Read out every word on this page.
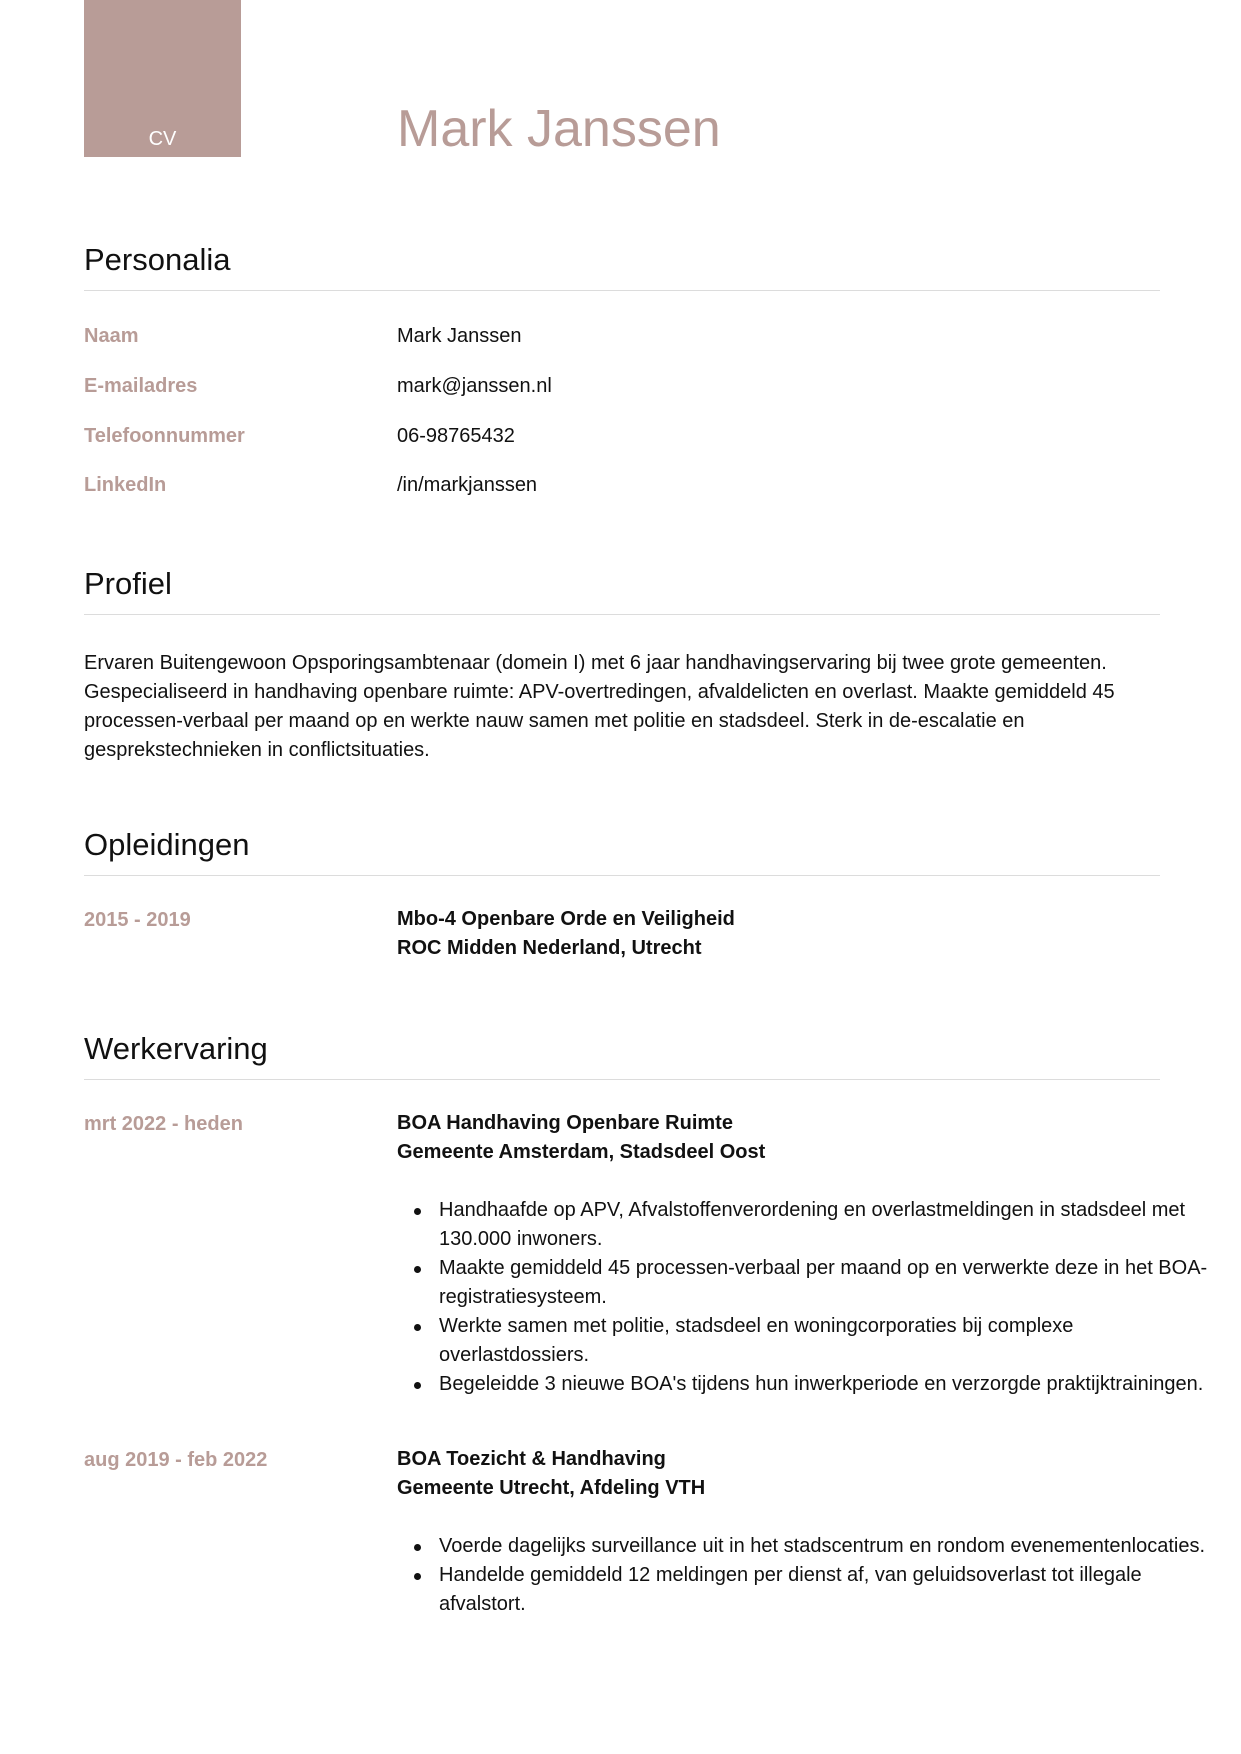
CV	Mark Janssen
Personalia
Naam	Mark Janssen
E-mailadres	mark@janssen.nl
Telefoonnummer	06-98765432
LinkedIn	/in/markjanssen
Profiel
Ervaren Buitengewoon Opsporingsambtenaar (domein I) met 6 jaar handhavingservaring bij twee grote gemeenten. Gespecialiseerd in handhaving openbare ruimte: APV-overtredingen, afvaldelicten en overlast. Maakte gemiddeld 45 processen-verbaal per maand op en werkte nauw samen met politie en stadsdeel. Sterk in de-escalatie en gesprekstechnieken in conflictsituaties.
Opleidingen
2015 - 2019	Mbo-4 Openbare Orde en Veiligheid
ROC Midden Nederland, Utrecht
Werkervaring
mrt 2022 - heden	BOA Handhaving Openbare Ruimte
Gemeente Amsterdam, Stadsdeel Oost
Handhaafde op APV, Afvalstoffenverordening en overlastmeldingen in stadsdeel met 130.000 inwoners.
Maakte gemiddeld 45 processen-verbaal per maand op en verwerkte deze in het BOA-registratiesysteem.
Werkte samen met politie, stadsdeel en woningcorporaties bij complexe overlastdossiers.
Begeleidde 3 nieuwe BOA's tijdens hun inwerkperiode en verzorgde praktijktrainingen.
aug 2019 - feb 2022	BOA Toezicht & Handhaving
Gemeente Utrecht, Afdeling VTH
Voerde dagelijks surveillance uit in het stadscentrum en rondom evenementenlocaties.
Handelde gemiddeld 12 meldingen per dienst af, van geluidsoverlast tot illegale afvalstort.
